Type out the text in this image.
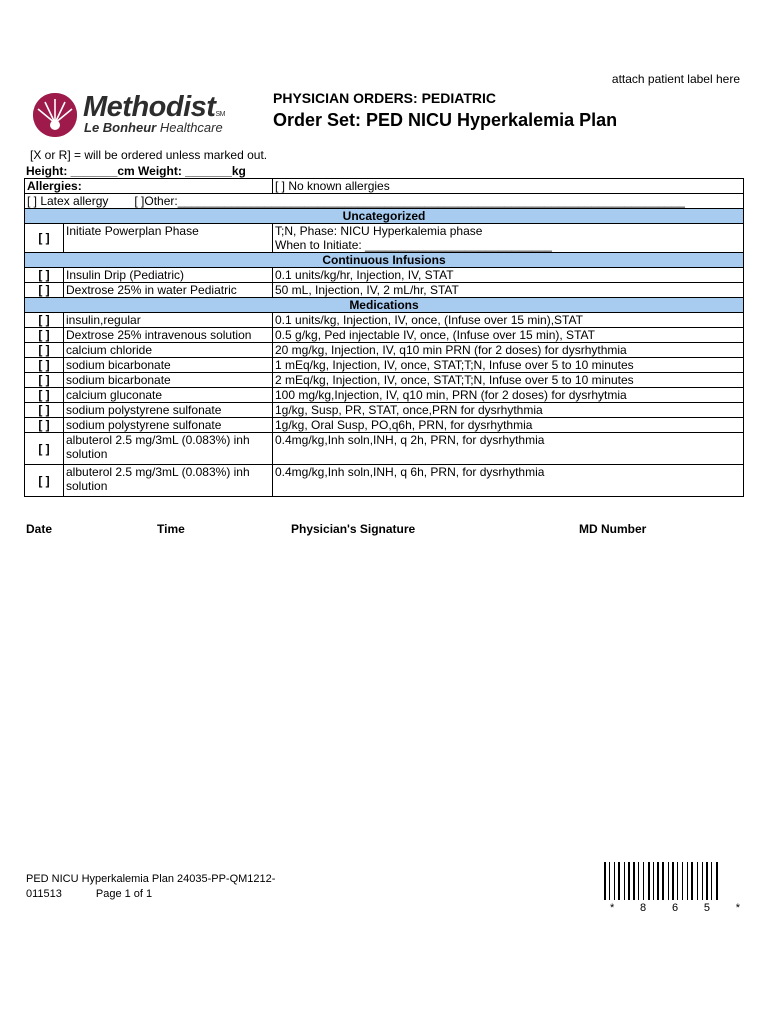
attach patient label here
MethodistSM
Le Bonheur Healthcare
PHYSICIAN ORDERS: PEDIATRIC
Order Set: PED NICU Hyperkalemia Plan
[X or R] = will be ordered unless marked out.
Height: _______cm Weight: _______kg
Allergies:		[ ] No known allergies
[ ] Latex allergy [ ]Other:____________________________________________________________________________		
Uncategorized		
[ ]	Initiate Powerplan Phase	T;N, Phase: NICU Hyperkalemia phase
When to Initiate: ____________________________

Continuous Infusions		
[ ]	Insulin Drip (Pediatric)	0.1 units/kg/hr, Injection, IV, STAT
[ ]	Dextrose 25% in water Pediatric	50 mL, Injection, IV, 2 mL/hr, STAT
Medications		
[ ]	insulin,regular	0.1 units/kg, Injection, IV, once, (Infuse over 15 min),STAT
[ ]	Dextrose 25% intravenous solution	0.5 g/kg, Ped injectable IV, once, (Infuse over 15 min), STAT
[ ]	calcium chloride	20 mg/kg, Injection, IV, q10 min PRN (for 2 doses) for dysrhythmia
[ ]	sodium bicarbonate	1 mEq/kg, Injection, IV, once, STAT;T;N, Infuse over 5 to 10 minutes
[ ]	sodium bicarbonate	2 mEq/kg, Injection, IV, once, STAT;T;N, Infuse over 5 to 10 minutes
[ ]	calcium gluconate	100 mg/kg,Injection, IV, q10 min, PRN (for 2 doses) for dysrhytmia
[ ]	sodium polystyrene sulfonate	1g/kg, Susp, PR, STAT, once,PRN for dysrhythmia
[ ]	sodium polystyrene sulfonate	1g/kg, Oral Susp, PO,q6h, PRN, for dysrhythmia
[ ]	albuterol 2.5 mg/3mL (0.083%) inh solution	0.4mg/kg,Inh soln,INH, q 2h, PRN, for dysrhythmia
[ ]	albuterol 2.5 mg/3mL (0.083%) inh solution	0.4mg/kg,Inh soln,INH, q 6h, PRN, for dysrhythmia
Date	Time	Physician's Signature	MD Number
PED NICU Hyperkalemia Plan 24035-PP-QM1212-
011513	Page 1 of 1
* 8 6 5 *
